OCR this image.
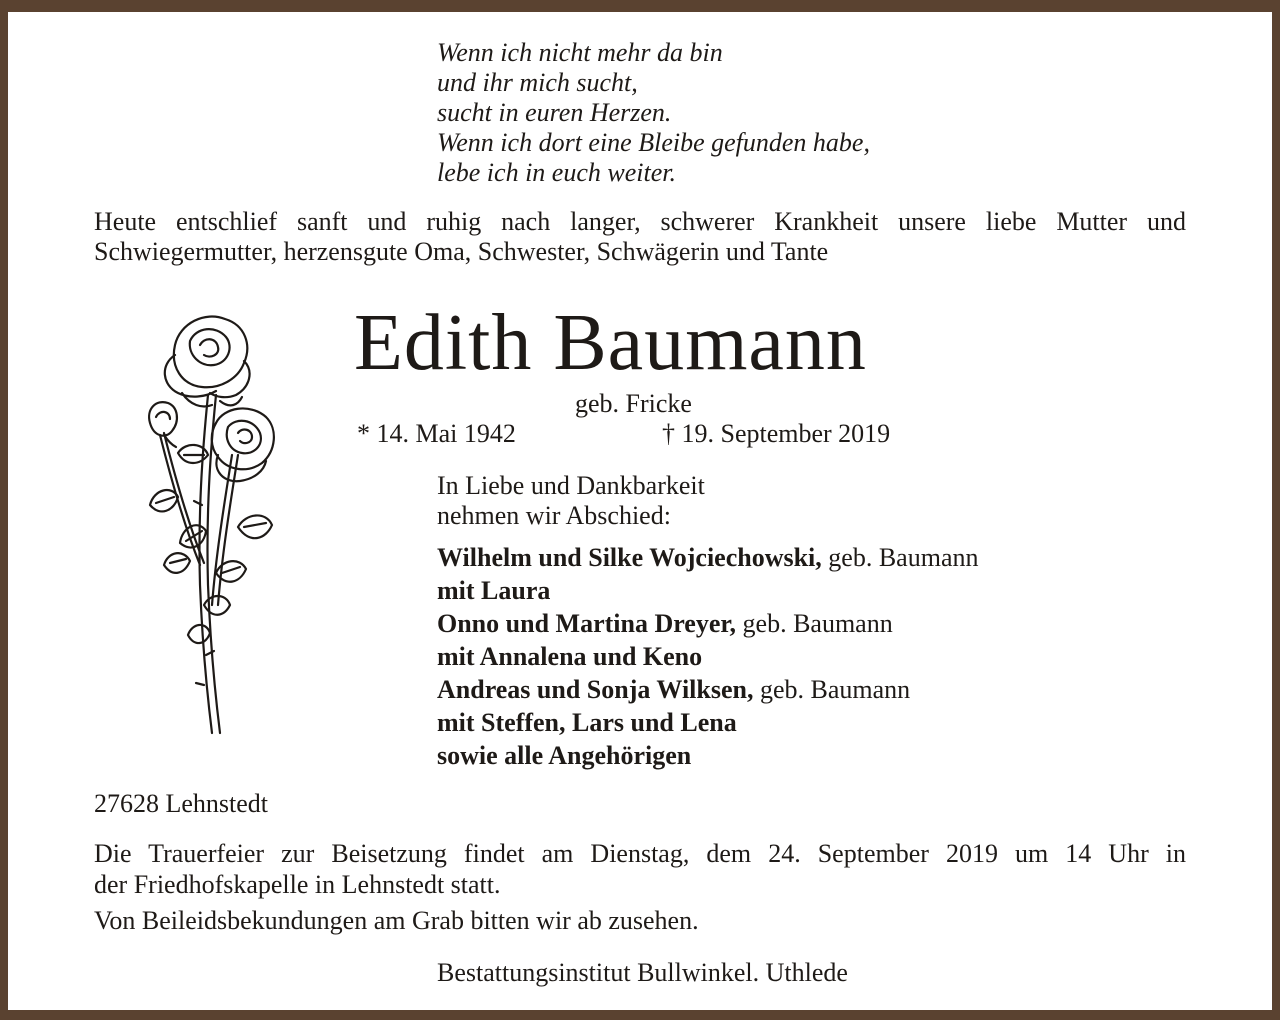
Wenn ich nicht mehr da bin
und ihr mich sucht,
sucht in euren Herzen.
Wenn ich dort eine Bleibe gefunden habe,
lebe ich in euch weiter.
Heute entschlief sanft und ruhig nach langer, schwerer Krankheit unsere liebe Mutter und
Schwiegermutter, herzensgute Oma, Schwester, Schwägerin und Tante
Edith Baumann
geb. Fricke
* 14. Mai 1942	† 19. September 2019
In Liebe und Dankbarkeit
nehmen wir Abschied:
Wilhelm und Silke Wojciechowski, geb. Baumann
mit Laura
Onno und Martina Dreyer, geb. Baumann
mit Annalena und Keno
Andreas und Sonja Wilksen, geb. Baumann
mit Steffen, Lars und Lena
sowie alle Angehörigen
27628 Lehnstedt
Die Trauerfeier zur Beisetzung findet am Dienstag, dem 24. September 2019 um 14 Uhr in
der Friedhofskapelle in Lehnstedt statt.
Von Beileidsbekundungen am Grab bitten wir ab zusehen.
Bestattungsinstitut Bullwinkel. Uthlede
